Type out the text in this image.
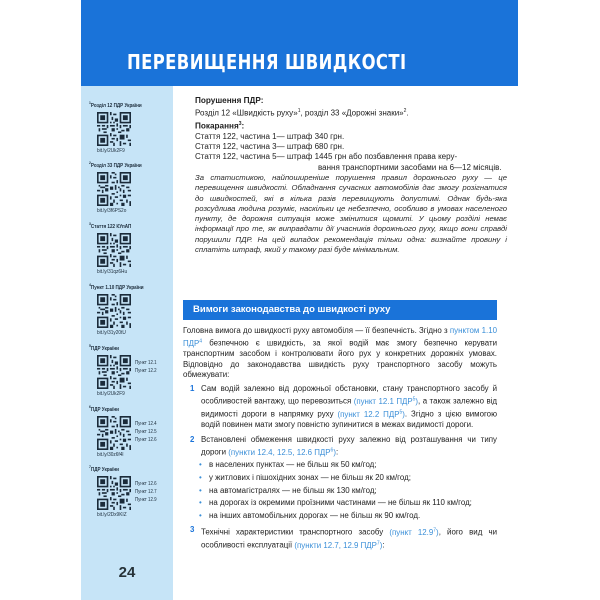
ПЕРЕВИЩЕННЯ ШВИДКОСТІ
$^1$Розділ 12 ПДР України
bit.ly/2Uk2F9
$^2$Розділ 33 ПДР України
bit.ly/3f6PS2o
$^3$Стаття 122 КУпАП
bit.ly/31qz6Hu
$^4$Пункт 1.10 ПДР України
bit.ly/31y20tU
$^5$ПДР України
Пункт 12.1
Пункт 12.2
bit.ly/2Uk2F9
$^6$ПДР України
Пункт 12.4
Пункт 12.5
Пункт 12.6
bit.ly/30z6f4l
$^7$ПДР України
Пункт 12.6
Пункт 12.7
Пункт 12.9
bit.ly/2Dx9KIZ
24
Порушення ПДР:
Розділ 12 «Швидкість руху»$^1$, розділ 33 «Дорожні знаки»$^2$.
Покарання$^3$:
Стаття 122, частина 1 — штраф 340 грн.
Стаття 122, частина 3 — штраф 680 грн.
Стаття 122, частина 5 — штраф 1445 грн або позбавлення права керу-
вання транспортними засобами на 6—12 місяців.
За статистикою, найпоширеніше порушення правил дорожнього руху — це перевищення швидкості. Обладнання сучасних автомобілів дає змогу розігнатися до швидкостей, які в кілька разів перевищують допустимі. Однак будь-яка розсудлива людина розуміє, наскільки це небезпечно, особливо в умовах населеного пункту, де дорожня ситуація може змінитися щомиті. У цьому розділі немає інформації про те, як виправдати дії учасників дорожнього руху, якщо вони справді порушили ПДР. На цей випадок рекомендація тільки одна: визнайте провину і сплатіть штраф, який у такому разі буде мінімальним.
Вимоги законодавства до швидкості руху
Головна вимога до швидкості руху автомобіля — її безпечність. Згідно з пунктом 1.10 ПДР$^4$ безпечною є швидкість, за якої водій має змогу безпечно керувати транспортним засобом і контролювати його рух у конкретних дорожніх умовах. Відповідно до законодавства швидкість руху транспортного засобу можуть обмежувати:
1 Сам водій залежно від дорожньої обстановки, стану транспортного засобу й особливостей вантажу, що перевозиться (пункт 12.1 ПДР$^5$), а також залежно від видимості дороги в напрямку руху (пункт 12.2 ПДР$^5$). Згідно з цією вимогою водій повинен мати змогу повністю зупинитися в межах видимості дороги.
2 Встановлені обмеження швидкості руху залежно від розташування чи типу дороги (пункти 12.4, 12.5, 12.6 ПДР$^6$):
• в населених пунктах — не більш як 50 км/год;
• у житлових і пішохідних зонах — не більш як 20 км/год;
• на автомагістралях — не більш як 130 км/год;
• на дорогах із окремими проїзними частинами — не більш як 110 км/год;
• на інших автомобільних дорогах — не більш як 90 км/год.
3 Технічні характеристики транспортного засобу (пункт 12.9$^7$), його вид чи особливості експлуатації (пункти 12.7, 12.9 ПДР$^7$):
